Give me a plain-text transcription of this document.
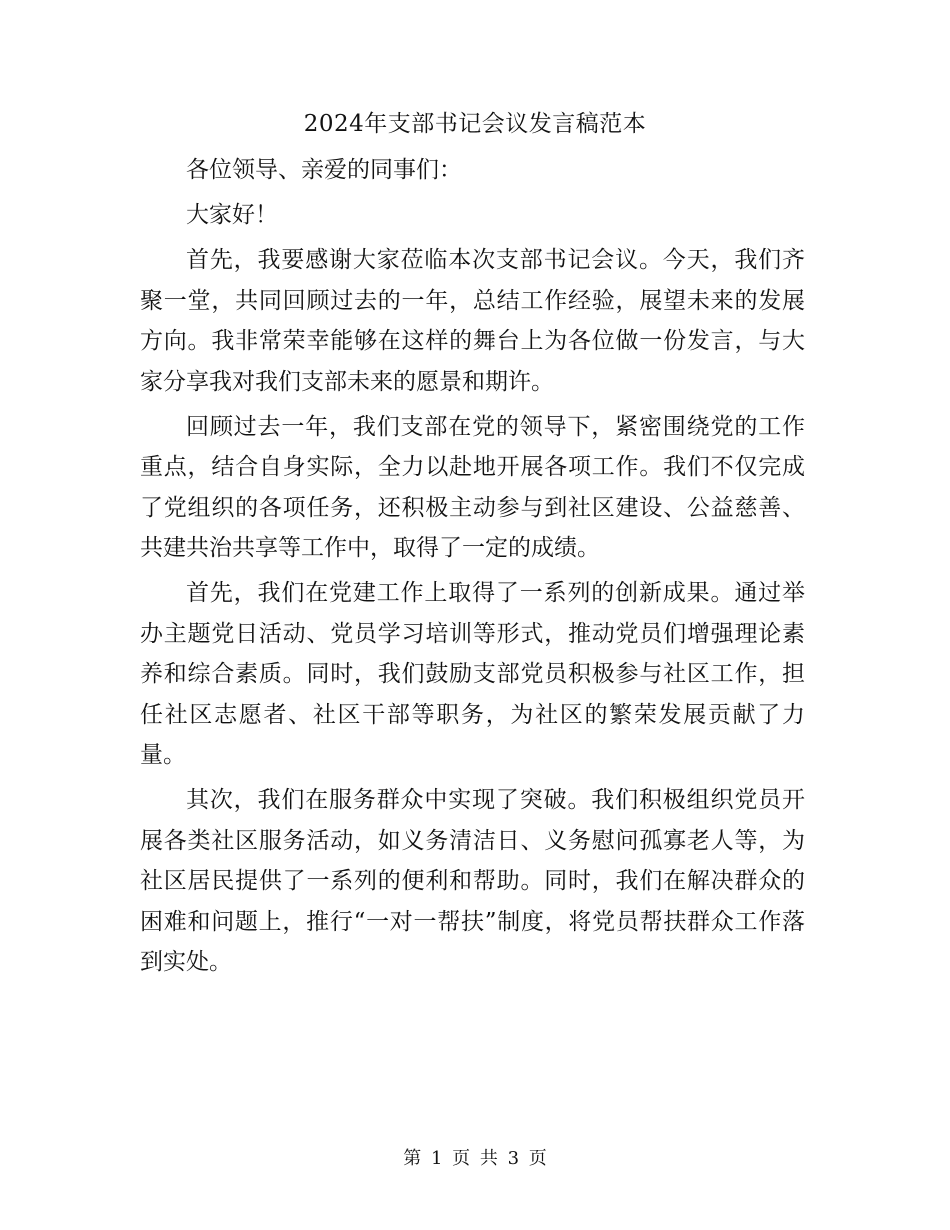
2024年支部书记会议发言稿范本

各位领导、亲爱的同事们：

大家好！

首先，我要感谢大家莅临本次支部书记会议。今天，我们齐聚一堂，共同回顾过去的一年，总结工作经验，展望未来的发展方向。我非常荣幸能够在这样的舞台上为各位做一份发言，与大家分享我对我们支部未来的愿景和期许。

回顾过去一年，我们支部在党的领导下，紧密围绕党的工作重点，结合自身实际，全力以赴地开展各项工作。我们不仅完成了党组织的各项任务，还积极主动参与到社区建设、公益慈善、共建共治共享等工作中，取得了一定的成绩。

首先，我们在党建工作上取得了一系列的创新成果。通过举办主题党日活动、党员学习培训等形式，推动党员们增强理论素养和综合素质。同时，我们鼓励支部党员积极参与社区工作，担任社区志愿者、社区干部等职务，为社区的繁荣发展贡献了力量。

其次，我们在服务群众中实现了突破。我们积极组织党员开展各类社区服务活动，如义务清洁日、义务慰问孤寡老人等，为社区居民提供了一系列的便利和帮助。同时，我们在解决群众的困难和问题上，推行“一对一帮扶”制度，将党员帮扶群众工作落到实处。

第 1 页 共 3 页
